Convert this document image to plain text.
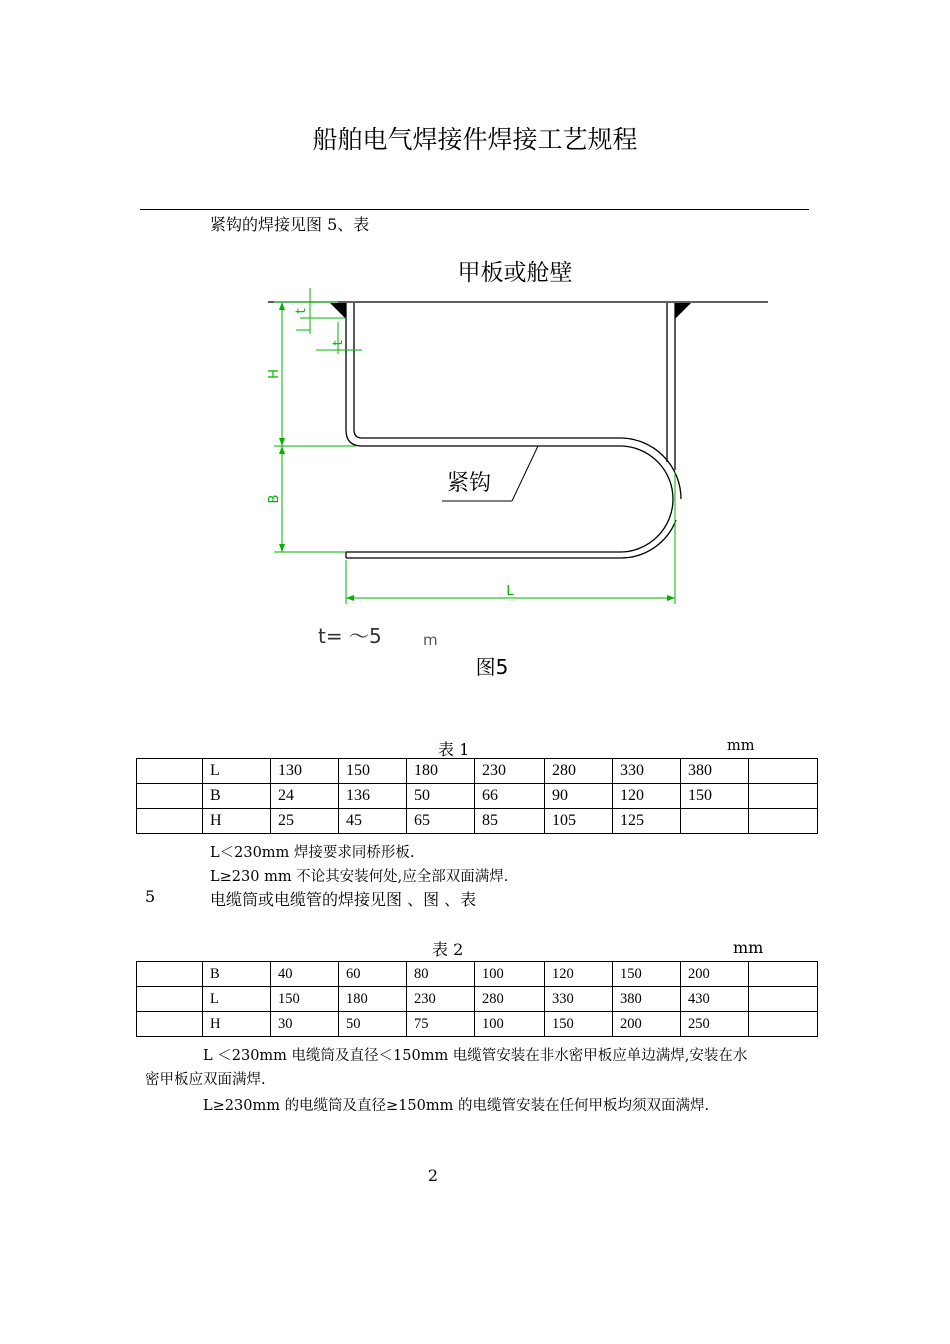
船舶电气焊接件焊接工艺规程
紧钩的焊接见图 5、表
t
t
H
B
L
甲板或舱壁
紧钩
t= ～5	m
图5
表 1	mm
	L	130	150	180	230	280	330	380	
	B	24	136	50	66	90	120	150	
	H	25	45	65	85	105	125		
L＜230mm 焊接要求同桥形板.
L≥230 mm 不论其安装何处,应全部双面满焊.
5	电缆筒或电缆管的焊接见图 、图 、表
表 2	mm
	B	40	60	80	100	120	150	200	
	L	150	180	230	280	330	380	430	
	H	30	50	75	100	150	200	250	
L ＜230mm 电缆筒及直径＜150mm 电缆管安装在非水密甲板应单边满焊,安装在水
密甲板应双面满焊.
L≥230mm 的电缆筒及直径≥150mm 的电缆管安装在任何甲板均须双面满焊.
2
